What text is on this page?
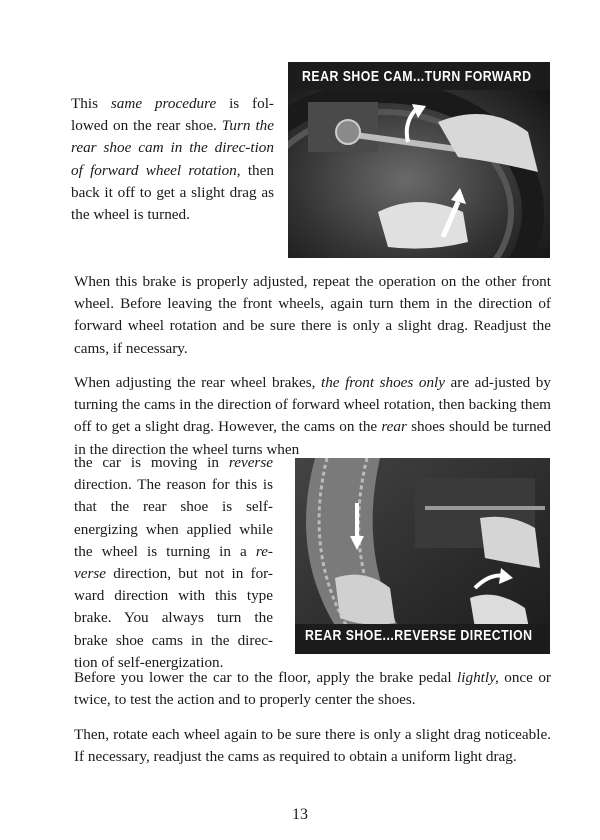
This same procedure is fol-lowed on the rear shoe. Turn the rear shoe cam in the direc-tion of forward wheel rotation, then back it off to get a slight drag as the wheel is turned.

REAR SHOE CAM...TURN FORWARD

When this brake is properly adjusted, repeat the operation on the other front wheel. Before leaving the front wheels, again turn them in the direction of forward wheel rotation and be sure there is only a slight drag. Readjust the cams, if necessary.

When adjusting the rear wheel brakes, the front shoes only are ad-justed by turning the cams in the direction of forward wheel rotation, then backing them off to get a slight drag. However, the cams on the rear shoes should be turned in the direction the wheel turns when

the car is moving in reverse direction. The reason for this is that the rear shoe is self-energizing when applied while the wheel is turning in a re-verse direction, but not in for-ward direction with this type brake. You always turn the brake shoe cams in the direc-tion of self-energization.

REAR SHOE...REVERSE DIRECTION

Before you lower the car to the floor, apply the brake pedal lightly, once or twice, to test the action and to properly center the shoes.

Then, rotate each wheel again to be sure there is only a slight drag noticeable. If necessary, readjust the cams as required to obtain a uniform light drag.

13
